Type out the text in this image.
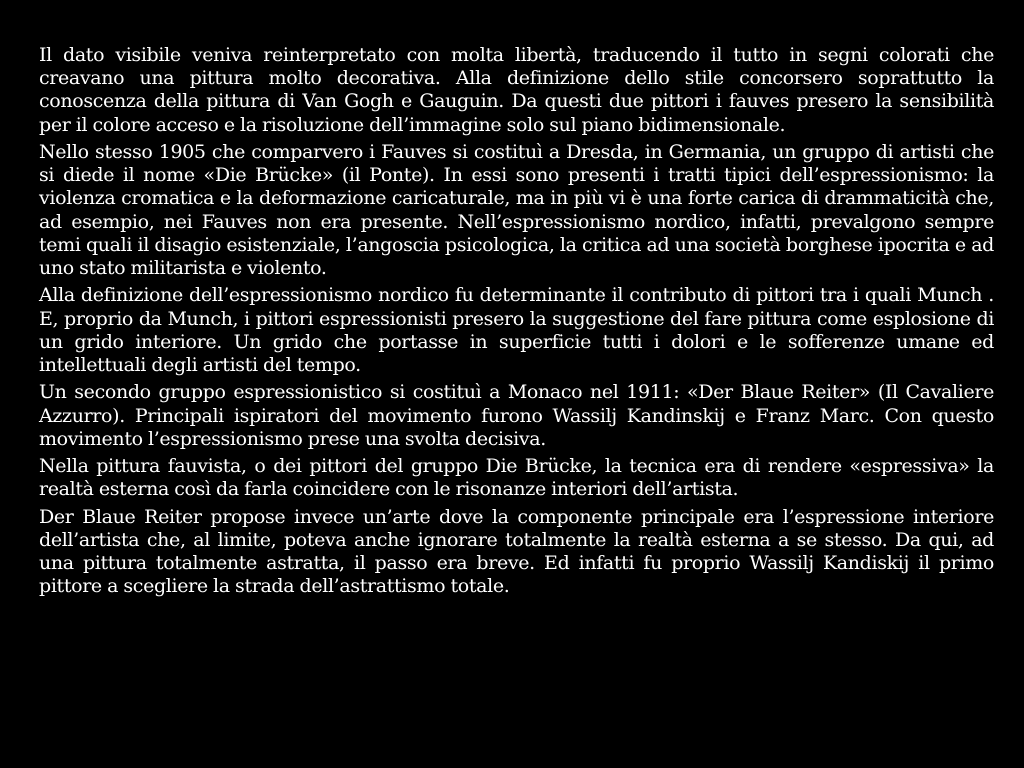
Il dato visibile veniva reinterpretato con molta libertà, traducendo il tutto in segni colorati che creavano una pittura molto decorativa. Alla definizione dello stile concorsero soprattutto la conoscenza della pittura di Van Gogh e Gauguin. Da questi due pittori i fauves presero la sensibilità per il colore acceso e la risoluzione dell’immagine solo sul piano bidimensionale.

Nello stesso 1905 che comparvero i Fauves si costituì a Dresda, in Germania, un gruppo di artisti che si diede il nome «Die Brücke» (il Ponte). In essi sono presenti i tratti tipici dell’espressionismo: la violenza cromatica e la deformazione caricaturale, ma in più vi è una forte carica di drammaticità che, ad esempio, nei Fauves non era presente. Nell’espressionismo nordico, infatti, prevalgono sempre temi quali il disagio esistenziale, l’angoscia psicologica, la critica ad una società borghese ipocrita e ad uno stato militarista e violento.

Alla definizione dell’espressionismo nordico fu determinante il contributo di pittori tra i quali Munch . E, proprio da Munch, i pittori espressionisti presero la suggestione del fare pittura come esplosione di un grido interiore. Un grido che portasse in superficie tutti i dolori e le sofferenze umane ed intellettuali degli artisti del tempo.

Un secondo gruppo espressionistico si costituì a Monaco nel 1911: «Der Blaue Reiter» (Il Cavaliere Azzurro). Principali ispiratori del movimento furono Wassilj Kandinskij e Franz Marc. Con questo movimento l’espressionismo prese una svolta decisiva.

Nella pittura fauvista, o dei pittori del gruppo Die Brücke, la tecnica era di rendere «espressiva» la realtà esterna così da farla coincidere con le risonanze interiori dell’artista.

Der Blaue Reiter propose invece un’arte dove la componente principale era l’espressione interiore dell’artista che, al limite, poteva anche ignorare totalmente la realtà esterna a se stesso. Da qui, ad una pittura totalmente astratta, il passo era breve. Ed infatti fu proprio Wassilj Kandiskij il primo pittore a scegliere la strada dell’astrattismo totale.
